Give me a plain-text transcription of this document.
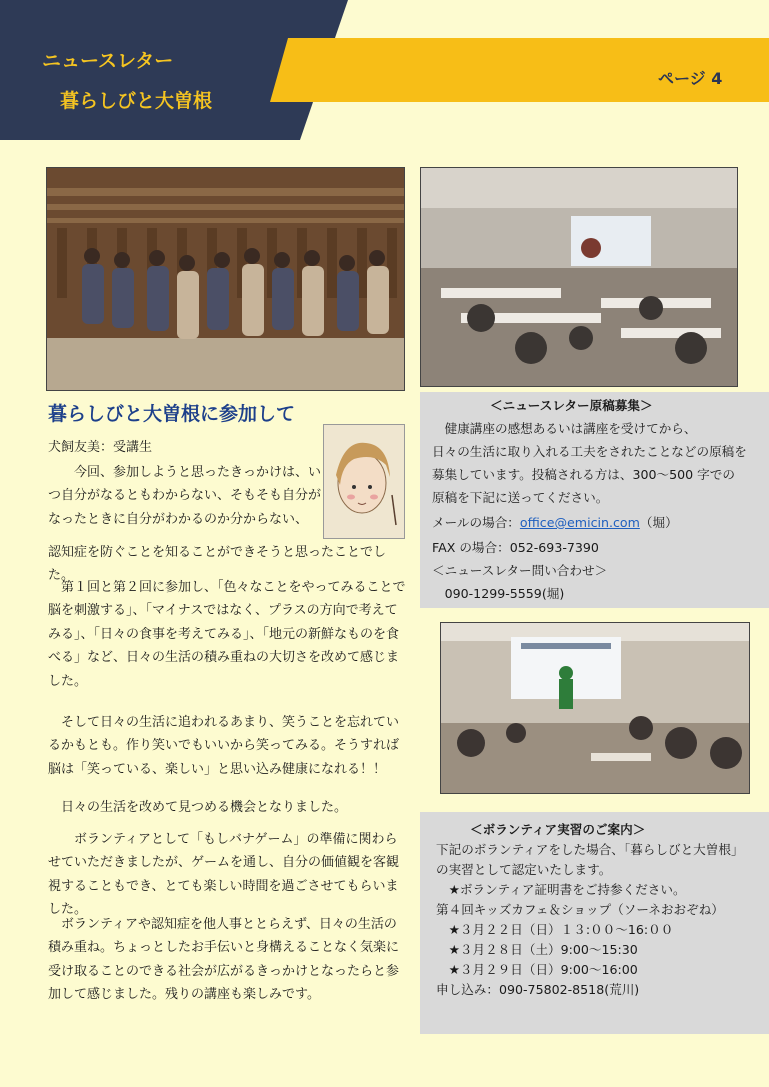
ニュースレター
暮らしびと大曽根
ページ 4
暮らしびと大曽根に参加して
犬飼友美：受講生

　　今回、参加しようと思ったきっかけは、いつ自分がなるともわからない、そもそも自分がなったときに自分がわかるのか分からない、

認知症を防ぐことを知ることができそうと思ったことでした。

　第１回と第２回に参加し、「色々なことをやってみることで脳を刺激する」、「マイナスではなく、プラスの方向で考えてみる」、「日々の食事を考えてみる」、「地元の新鮮なものを食べる」など、日々の生活の積み重ねの大切さを改めて感じました。

　そして日々の生活に追われるあまり、笑うことを忘れているかもとも。作り笑いでもいいから笑ってみる。そうすれば脳は「笑っている、楽しい」と思い込み健康になれる！！

　日々の生活を改めて見つめる機会となりました。

　　ボランティアとして「もしバナゲーム」の準備に関わらせていただきましたが、ゲームを通し、自分の価値観を客観視することもでき、とても楽しい時間を過ごさせてもらいました。

　ボランティアや認知症を他人事ととらえず、日々の生活の積み重ね。ちょっとしたお手伝いと身構えることなく気楽に受け取ることのできる社会が広がるきっかけとなったらと参加して感じました。残りの講座も楽しみです。

＜ニュースレター原稿募集＞
　健康講座の感想あるいは講座を受けてから、
日々の生活に取り入れる工夫をされたことなどの原稿を
募集しています。投稿される方は、300～500 字での
原稿を下記に送ってください。
メールの場合：office@emicin.com（堀）
FAX の場合：052-693-7390
＜ニュースレター問い合わせ＞
　090-1299-5559(堀)
＜ボランティア実習のご案内＞
下記のボランティアをした場合、「暮らしびと大曽根」
の実習として認定いたします。
　★ボランティア証明書をご持参ください。
第４回キッズカフェ＆ショップ（ソーネおおぞね）
　★３月２２日（日）１３:００～16:００
　★３月２８日（土）9:00～15:30
　★３月２９日（日）9:00～16:00
申し込み：090-75802-8518(荒川)
